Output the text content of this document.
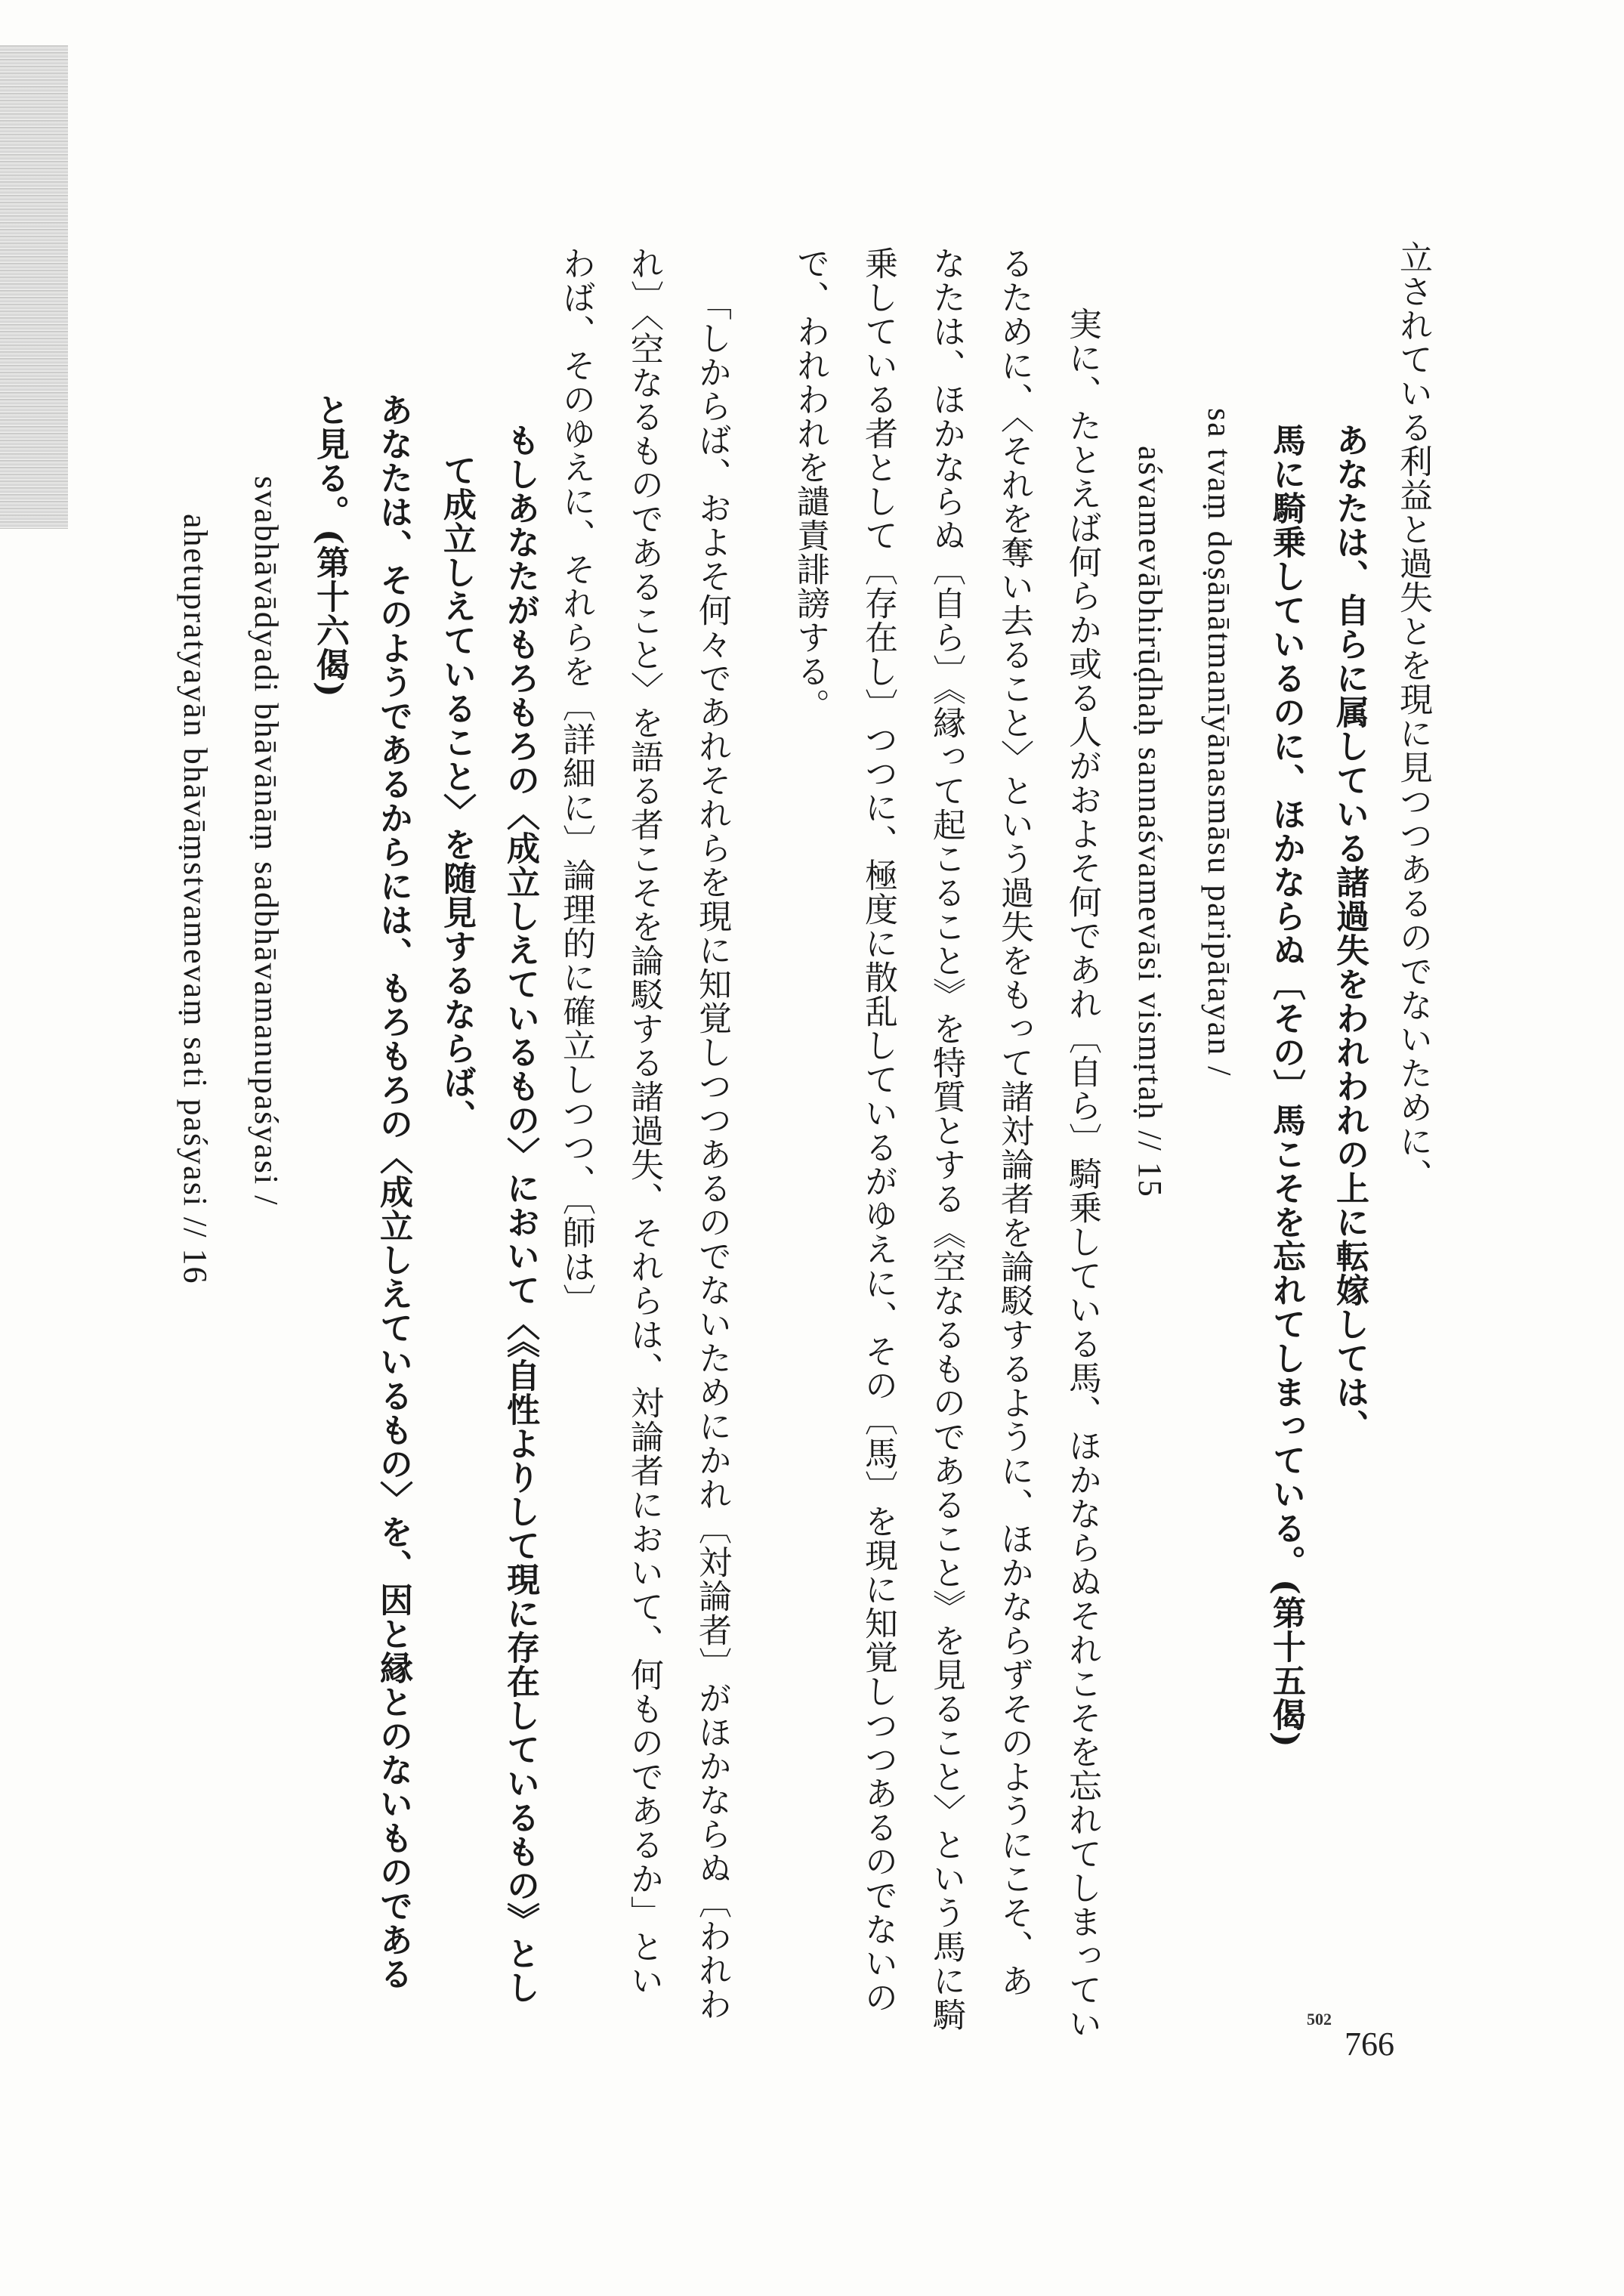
立されている利益と過失とを現に見つつあるのでないために、
あなたは、自らに属している諸過失をわれわれの上に転嫁しては、
馬に騎乗しているのに、ほかならぬ〔その〕馬こそを忘れてしまっている。(第十五偈)
sa tvaṃ doṣānātmanīyānasmāsu paripātayan /
aśvamevābhirūḍhaḥ sannaśvamevāsi vismṛtaḥ // 15
実に、たとえば何らか或る人がおよそ何であれ〔自ら〕騎乗している馬、ほかならぬそれこそを忘れてしまってい
るために、〈それを奪い去ること〉という過失をもって諸対論者を論駁するように、ほかならずそのようにこそ、あ
なたは、ほかならぬ〔自ら〕《縁って起こること》を特質とする《空なるものであること》を見ること〉という馬に騎
乗している者として〔存在し〕つつに、極度に散乱しているがゆえに、その〔馬〕を現に知覚しつつあるのでないの
で、われわれを譴責誹謗する。
「しからば、およそ何々であれそれらを現に知覚しつつあるのでないためにかれ〔対論者〕がほかならぬ〔われわ
れ〕〈空なるものであること〉を語る者こそを論駁する諸過失、それらは、対論者において、何ものであるか」とい
わば、そのゆえに、それらを〔詳細に〕論理的に確立しつつ、〔師は〕
もしあなたがもろもろの〈成立しえているもの〉において〈《自性よりして現に存在しているもの》とし
て成立しえていること〉を随見するならば、
あなたは、そのようであるからには、もろもろの〈成立しえているもの〉を、因と縁とのないものである
と見る。(第十六偈)
svabhāvādyadi bhāvānāṃ sadbhāvamanupaśyasi /
ahetupratyayān bhāvāṃstvamevaṃ sati paśyasi // 16
502
766
